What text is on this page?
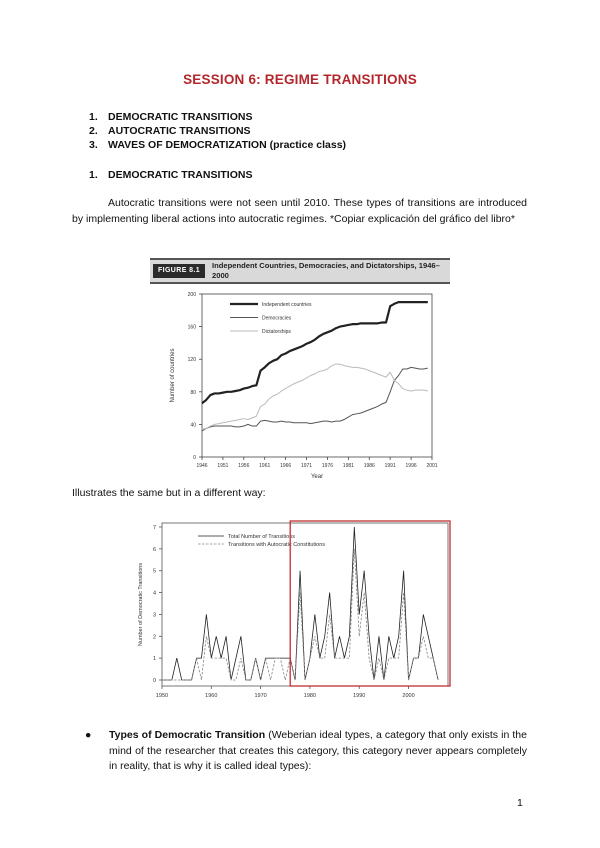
SESSION 6: REGIME TRANSITIONS
1. DEMOCRATIC TRANSITIONS
2. AUTOCRATIC TRANSITIONS
3. WAVES OF DEMOCRATIZATION (practice class)
1. DEMOCRATIC TRANSITIONS
Autocratic transitions were not seen until 2010. These types of transitions are introduced by implementing liberal actions into autocratic regimes. *Copiar explicación del gráfico del libro*
FIGURE 8.1
Independent Countries, Democracies, and Dictatorships, 1946–2000
0
40
80
120
160
200
1946 1951 1956 1961 1966 1971 1976 1981 1986 1991 1996 2001
Year
Number of countries
Independent countries
Democracies
Dictatorships
Illustrates the same but in a different way:
0
1
2
3
4
5
6
7
1950	1960	1970	1980	1990	2000
Number of Democratic Transitions
Total Number of Transitions
Transitions with Autocratic Constitutions
● Types of Democratic Transition (Weberian ideal types, a category that only exists in the mind of the researcher that creates this category, this category never appears completely in reality, that is why it is called ideal types):
1
